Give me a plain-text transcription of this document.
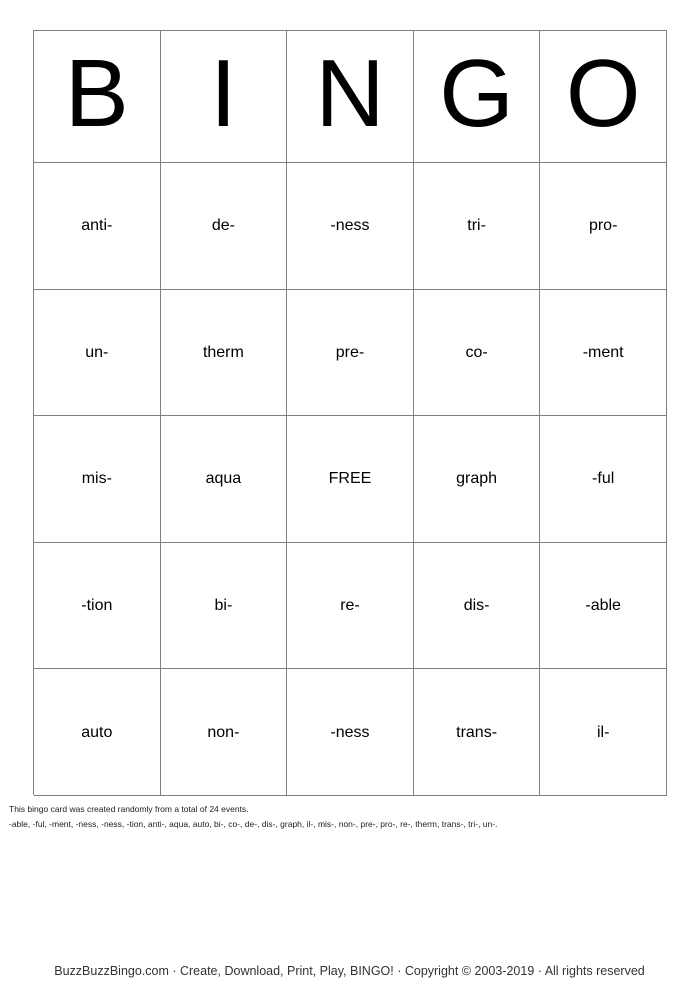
B I N G O
anti-	de-	-ness	tri-	pro-
un-	therm	pre-	co-	-ment
mis-	aqua	FREE	graph	-ful
-tion	bi-	re-	dis-	-able
auto	non-	-ness	trans-	il-
This bingo card was created randomly from a total of 24 events.
-able, -ful, -ment, -ness, -ness, -tion, anti-, aqua, auto, bi-, co-, de-, dis-, graph, il-, mis-, non-, pre-, pro-, re-, therm, trans-, tri-, un-.
BuzzBuzzBingo.com · Create, Download, Print, Play, BINGO! · Copyright © 2003-2019 · All rights reserved
